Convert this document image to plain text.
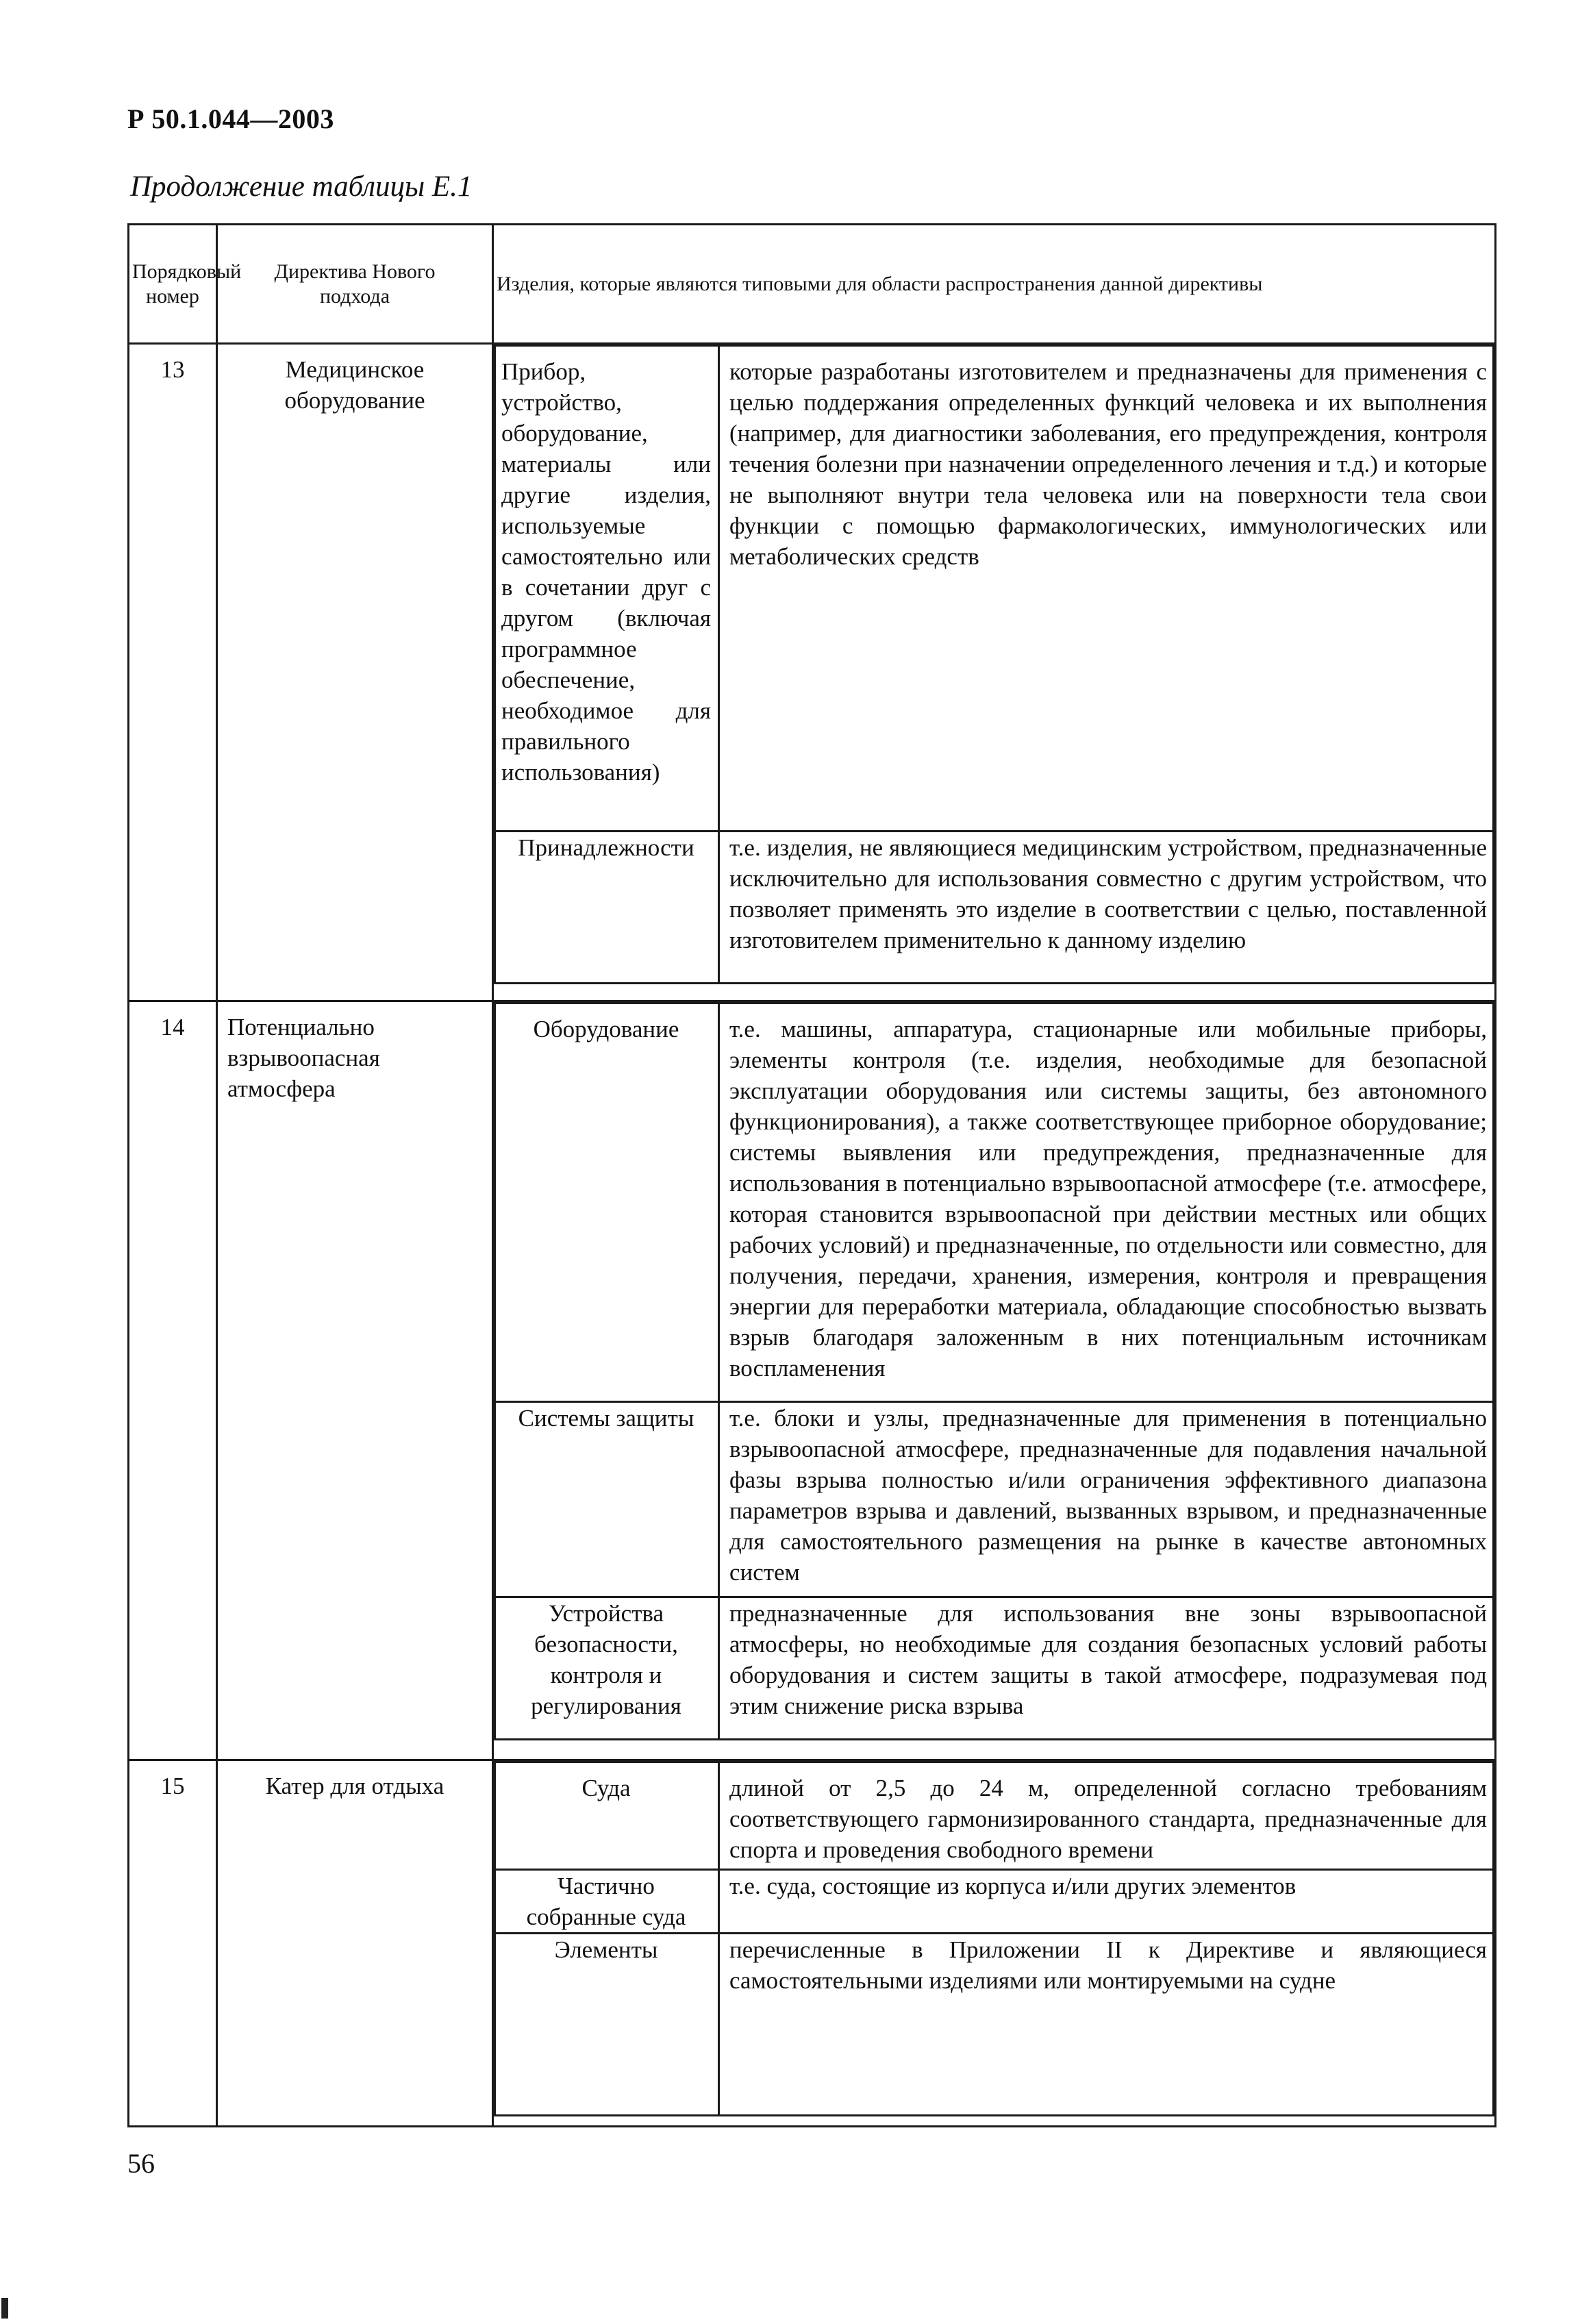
Р 50.1.044—2003
Продолжение таблицы Е.1
Порядковый номер	Директива Нового подхода	Изделия, которые являются типовыми для области распространения данной директивы
13	Медицинское оборудование	
Прибор, устройство, оборудование, материалы или другие изделия, используемые самостоятельно или в сочетании друг с другом (включая программное обеспечение, необходимое для правильного использования)	которые разработаны изготовителем и предназначены для применения с целью поддержания определенных функций человека и их выполнения (например, для диагностики заболевания, его предупреждения, контроля течения болезни при назначении определенного лечения и т.д.) и которые не выполняют внутри тела человека или на поверхности тела свои функции с помощью фармакологических, иммунологических или метаболических средств
Принадлежности	т.е. изделия, не являющиеся медицинским устройством, предназначенные исключительно для использования совместно с другим устройством, что позволяет применять это изделие в соответствии с целью, поставленной изготовителем применительно к данному изделию

14	Потенциально взрывоопасная атмосфера	
Оборудование	т.е. машины, аппаратура, стационарные или мобильные приборы, элементы контроля (т.е. изделия, необходимые для безопасной эксплуатации оборудования или системы защиты, без автономного функционирования), а также соответствующее приборное оборудование; системы выявления или предупреждения, предназначенные для использования в потенциально взрывоопасной атмосфере (т.е. атмосфере, которая становится взрывоопасной при действии местных или общих рабочих условий) и предназначенные, по отдельности или совместно, для получения, передачи, хранения, измерения, контроля и превращения энергии для переработки материала, обладающие способностью вызвать взрыв благодаря заложенным в них потенциальным источникам воспламенения
Системы защиты	т.е. блоки и узлы, предназначенные для применения в потенциально взрывоопасной атмосфере, предназначенные для подавления начальной фазы взрыва полностью и/или ограничения эффективного диапазона параметров взрыва и давлений, вызванных взрывом, и предназначенные для самостоятельного размещения на рынке в качестве автономных систем
Устройства безопасности, контроля и регулирования	предназначенные для использования вне зоны взрывоопасной атмосферы, но необходимые для создания безопасных условий работы оборудования и систем защиты в такой атмосфере, подразумевая под этим снижение риска взрыва

15	Катер для отдыха		Суда	длиной от 2,5 до 24 м, определенной согласно требованиям соответствующего гармонизированного стандарта, предназначенные для спорта и проведения свободного времени
Частично собранные суда	т.е. суда, состоящие из корпуса и/или других элементов
Элементы	перечисленные в Приложении II к Директиве и являющиеся самостоятельными изделиями или монтируемыми на судне
56
